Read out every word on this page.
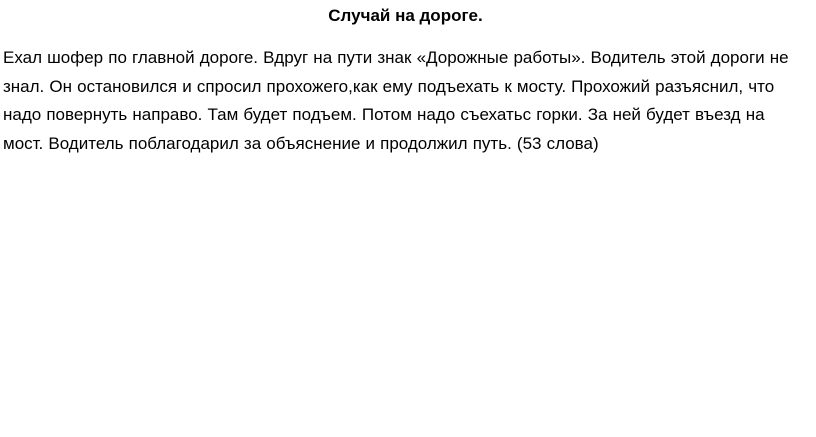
Случай на дороге.

Ехал шофер по главной дороге. Вдруг на пути знак «Дорожные работы». Водитель этой дороги не знал. Он остановился и спросил прохожего,как ему подъехать к мосту. Прохожий разъяснил, что надо повернуть направо. Там будет подъем. Потом надо съехатьс горки. За ней будет въезд на мост. Водитель поблагодарил за объяснение и продолжил путь. (53 слова)
